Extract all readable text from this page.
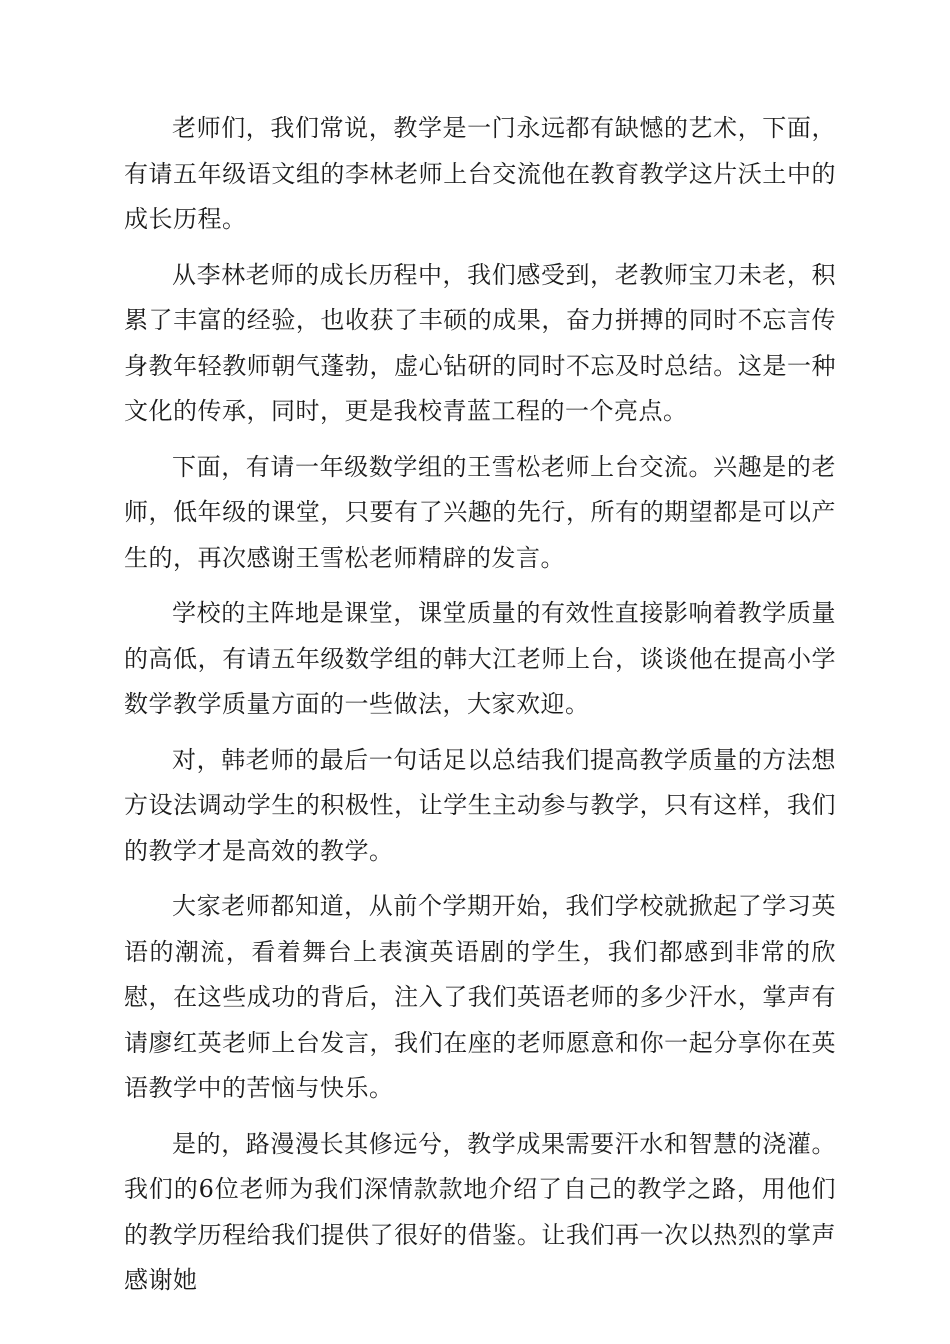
老师们，我们常说，教学是一门永远都有缺憾的艺术，下面，有请五年级语文组的李林老师上台交流他在教育教学这片沃土中的成长历程。

从李林老师的成长历程中，我们感受到，老教师宝刀未老，积累了丰富的经验，也收获了丰硕的成果，奋力拼搏的同时不忘言传身教年轻教师朝气蓬勃，虚心钻研的同时不忘及时总结。这是一种文化的传承，同时，更是我校青蓝工程的一个亮点。

下面，有请一年级数学组的王雪松老师上台交流。兴趣是的老师，低年级的课堂，只要有了兴趣的先行，所有的期望都是可以产生的，再次感谢王雪松老师精辟的发言。

学校的主阵地是课堂，课堂质量的有效性直接影响着教学质量的高低，有请五年级数学组的韩大江老师上台，谈谈他在提高小学数学教学质量方面的一些做法，大家欢迎。

对，韩老师的最后一句话足以总结我们提高教学质量的方法想方设法调动学生的积极性，让学生主动参与教学，只有这样，我们的教学才是高效的教学。

大家老师都知道，从前个学期开始，我们学校就掀起了学习英语的潮流，看着舞台上表演英语剧的学生，我们都感到非常的欣慰，在这些成功的背后，注入了我们英语老师的多少汗水，掌声有请廖红英老师上台发言，我们在座的老师愿意和你一起分享你在英语教学中的苦恼与快乐。

是的，路漫漫长其修远兮，教学成果需要汗水和智慧的浇灌。我们的6位老师为我们深情款款地介绍了自己的教学之路，用他们的教学历程给我们提供了很好的借鉴。让我们再一次以热烈的掌声感谢她
